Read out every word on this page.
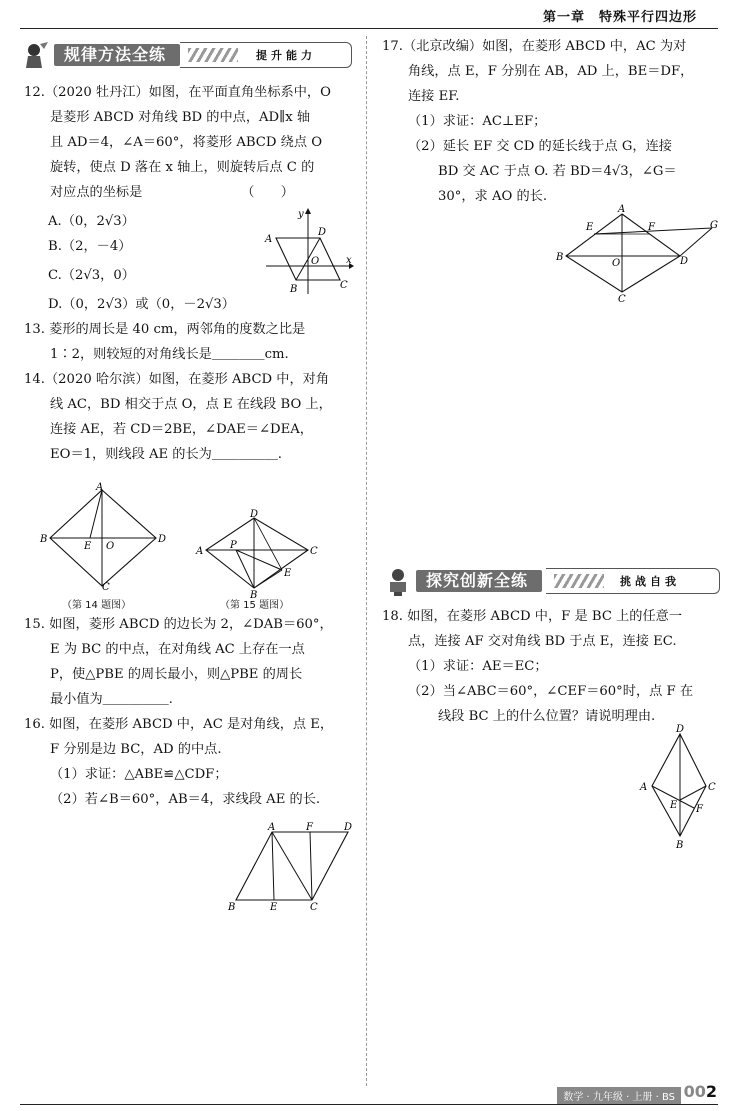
第一章　特殊平行四边形
规律方法全练	提升能力

12.（2020 牡丹江）如图，在平面直角坐标系中，O

是菱形 ABCD 对角线 BD 的中点，AD∥x 轴

且 AD＝4，∠A＝60°，将菱形 ABCD 绕点 O

旋转，使点 D 落在 x 轴上，则旋转后点 C 的

对应点的坐标是　　　　　　　　（　　）

A.（0，2√3）

B.（2，－4）

C.（2√3，0）

D.（0，2√3）或（0，－2√3）

13. 菱形的周长是 40 cm，两邻角的度数之比是

1∶2，则较短的对角线长是＿＿＿＿cm.

14.（2020 哈尔滨）如图，在菱形 ABCD 中，对角

线 AC，BD 相交于点 O，点 E 在线段 BO 上，

连接 AE，若 CD＝2BE，∠DAE＝∠DEA，

EO＝1，则线段 AE 的长为＿＿＿＿＿.

15. 如图，菱形 ABCD 的边长为 2，∠DAB＝60°，

E 为 BC 的中点，在对角线 AC 上存在一点

P，使△PBE 的周长最小，则△PBE 的周长

最小值为＿＿＿＿＿.

16. 如图，在菱形 ABCD 中，AC 是对角线，点 E，

F 分别是边 BC，AD 的中点.

（1）求证：△ABE≌△CDF；

（2）若∠B＝60°，AB＝4，求线段 AE 的长.

A
D
B	C
O	x
y
A
B	D
C
E O
（第 14 题图）
D
A	C
B
P
E
（第 15 题图）
A	F	D
B	E	C

17.（北京改编）如图，在菱形 ABCD 中，AC 为对

角线，点 E，F 分别在 AB，AD 上，BE＝DF，

连接 EF.

（1）求证：AC⊥EF；

（2）延长 EF 交 CD 的延长线于点 G，连接

BD 交 AC 于点 O. 若 BD＝4√3，∠G＝

30°，求 AO 的长.

A
E	F	G
B
O	D
C
探究创新全练	挑战自我

18. 如图，在菱形 ABCD 中，F 是 BC 上的任意一

点，连接 AF 交对角线 BD 于点 E，连接 EC.

（1）求证：AE＝EC；

（2）当∠ABC＝60°，∠CEF＝60°时，点 F 在

线段 BC 上的什么位置？请说明理由.

D
A	C
E F
B
数学 · 九年级 · 上册 · BS 002
